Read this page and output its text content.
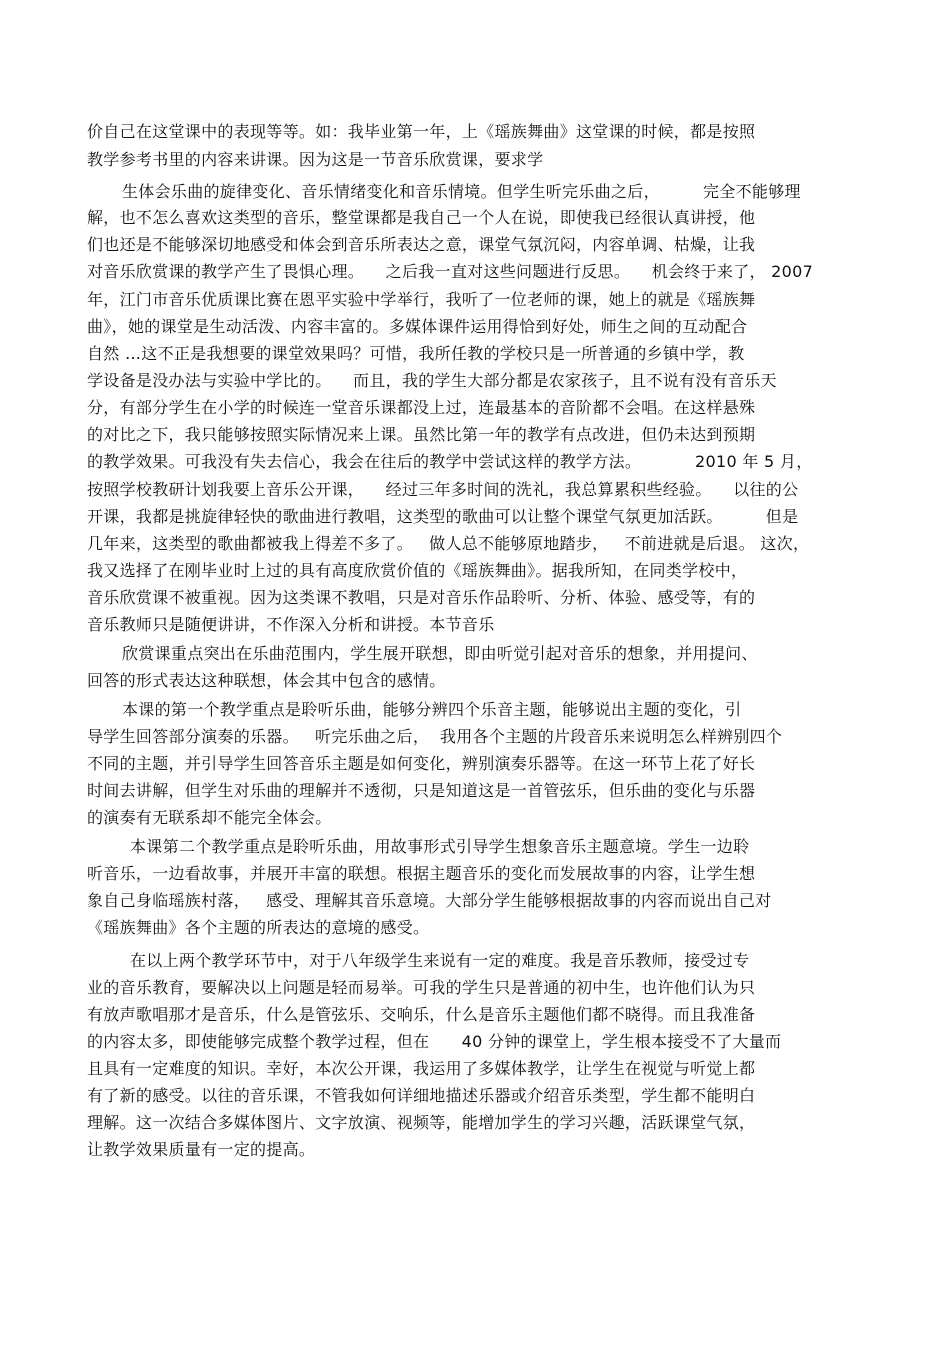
价自己在这堂课中的表现等等。如：我毕业第一年，上《瑶族舞曲》这堂课的时候，都是按照
教学参考书里的内容来讲课。因为这是一节音乐欣赏课，要求学
生体会乐曲的旋律变化、音乐情绪变化和音乐情境。但学生听完乐曲之后，        完全不能够理
解，也不怎么喜欢这类型的音乐，整堂课都是我自己一个人在说，即使我已经很认真讲授，他
们也还是不能够深切地感受和体会到音乐所表达之意，课堂气氛沉闷，内容单调、枯燥，让我
对音乐欣赏课的教学产生了畏惧心理。    之后我一直对这些问题进行反思。    机会终于来了， 2007
年，江门市音乐优质课比赛在恩平实验中学举行，我听了一位老师的课，她上的就是《瑶族舞
曲》，她的课堂是生动活泼、内容丰富的。多媒体课件运用得恰到好处，师生之间的互动配合
自然 …这不正是我想要的课堂效果吗？可惜，我所任教的学校只是一所普通的乡镇中学，教
学设备是没办法与实验中学比的。    而且，我的学生大部分都是农家孩子，且不说有没有音乐天
分，有部分学生在小学的时候连一堂音乐课都没上过，连最基本的音阶都不会唱。在这样悬殊
的对比之下，我只能够按照实际情况来上课。虽然比第一年的教学有点改进，但仍未达到预期
的教学效果。可我没有失去信心，我会在往后的教学中尝试这样的教学方法。          2010 年 5 月，
按照学校教研计划我要上音乐公开课，    经过三年多时间的洗礼，我总算累积些经验。    以往的公
开课，我都是挑旋律轻快的歌曲进行教唱，这类型的歌曲可以让整个课堂气氛更加活跃。        但是
几年来，这类型的歌曲都被我上得差不多了。   做人总不能够原地踏步，   不前进就是后退。 这次，
我又选择了在刚毕业时上过的具有高度欣赏价值的《瑶族舞曲》。据我所知，在同类学校中，
音乐欣赏课不被重视。因为这类课不教唱，只是对音乐作品聆听、分析、体验、感受等，有的
音乐教师只是随便讲讲，不作深入分析和讲授。本节音乐
欣赏课重点突出在乐曲范围内，学生展开联想，即由听觉引起对音乐的想象，并用提问、
回答的形式表达这种联想，体会其中包含的感情。
本课的第一个教学重点是聆听乐曲，能够分辨四个乐音主题，能够说出主题的变化，引
导学生回答部分演奏的乐器。   听完乐曲之后，  我用各个主题的片段音乐来说明怎么样辨别四个
不同的主题，并引导学生回答音乐主题是如何变化，辨别演奏乐器等。在这一环节上花了好长
时间去讲解，但学生对乐曲的理解并不透彻，只是知道这是一首管弦乐，但乐曲的变化与乐器
的演奏有无联系却不能完全体会。
本课第二个教学重点是聆听乐曲，用故事形式引导学生想象音乐主题意境。学生一边聆
听音乐，一边看故事，并展开丰富的联想。根据主题音乐的变化而发展故事的内容，让学生想
象自己身临瑶族村落，   感受、理解其音乐意境。大部分学生能够根据故事的内容而说出自己对
《瑶族舞曲》各个主题的所表达的意境的感受。
在以上两个教学环节中，对于八年级学生来说有一定的难度。我是音乐教师，接受过专
业的音乐教育，要解决以上问题是轻而易举。可我的学生只是普通的初中生，也许他们认为只
有放声歌唱那才是音乐，什么是管弦乐、交响乐，什么是音乐主题他们都不晓得。而且我准备
的内容太多，即使能够完成整个教学过程，但在      40 分钟的课堂上，学生根本接受不了大量而
且具有一定难度的知识。幸好，本次公开课，我运用了多媒体教学，让学生在视觉与听觉上都
有了新的感受。以往的音乐课，不管我如何详细地描述乐器或介绍音乐类型，学生都不能明白
理解。这一次结合多媒体图片、文字放演、视频等，能增加学生的学习兴趣，活跃课堂气氛，
让教学效果质量有一定的提高。
